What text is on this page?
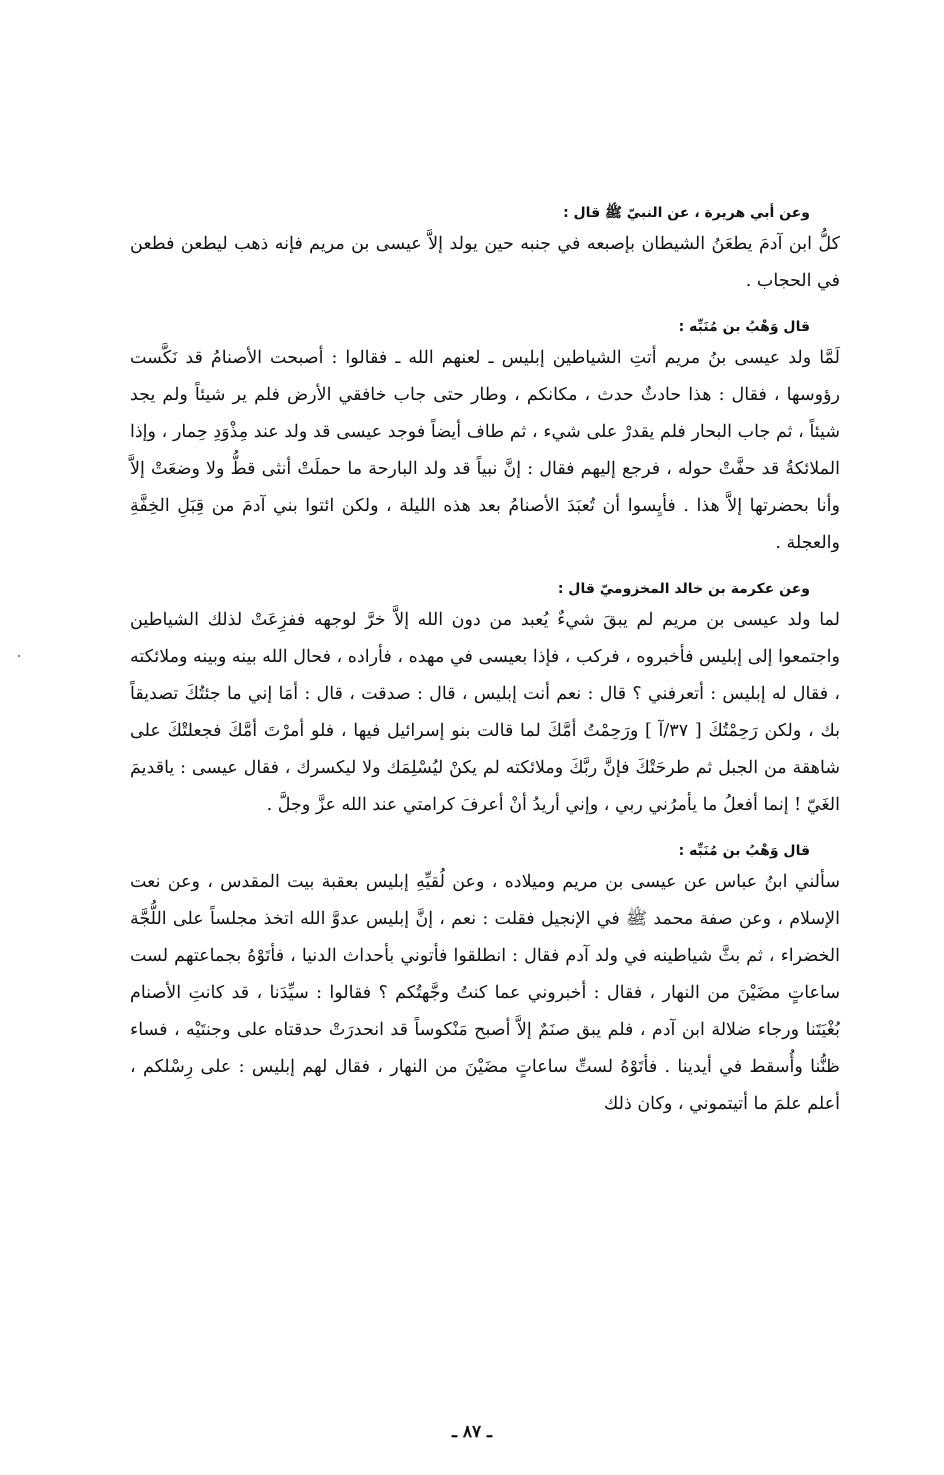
وعن أبي هريرة ، عن النبيّ ﷺ قال :

كلُّ ابن آدمَ يطعَنُ الشيطان بإصبعه في جنبه حين يولد إلاَّ عيسى بن مريم فإنه ذهب ليطعن فطعن في الحجاب .

قال وَهْبُ بن مُنَبِّه :

لَمَّا ولد عيسى بنُ مريم أتتِ الشياطين إبليس ـ لعنهم الله ـ فقالوا : أصبحت الأصنامُ قد نَكَّست رؤوسها ، فقال : هذا حادثٌ حدث ، مكانكم ، وطار حتى جاب خافقي الأرض فلم ير شيئاً ولم يجد شيئاً ، ثم جاب البحار فلم يقدرْ على شيء ، ثم طاف أيضاً فوجد عيسى قد ولد عند مِذْوَدِ حِمار ، وإذا الملائكةُ قد حفَّتْ حوله ، فرجع إليهم فقال : إنَّ نبياً قد ولد البارحة ما حملَتْ أنثى قطُّ ولا وضعَتْ إلاَّ وأنا بحضرتها إلاَّ هذا . فأيِسوا أن تُعبَدَ الأصنامُ بعد هذه الليلة ، ولكن ائتوا بني آدمَ من قِبَلِ الخِفَّةِ والعجلة .

وعن عكرمة بن خالد المخزوميّ قال :

لما ولد عيسى بن مريم لم يبقَ شيءٌ يُعبد من دون الله إلاَّ خرَّ لوجهه ففزِعَتْ لذلك الشياطين واجتمعوا إلى إبليس فأخبروه ، فركب ، فإذا بعيسى في مهده ، فأراده ، فحال الله بينه وبينه وملائكته ، فقال له إبليس : أتعرفني ؟ قال : نعم أنت إبليس ، قال : صدقت ، قال : أمَا إني ما جئتُكَ تصديقاً بك ، ولكن رَحِمْتُكَ [ ٣٧/آ ] ورَحِمْتُ أمَّكَ لما قالت بنو إسرائيل فيها ، فلو أمرْتَ أمَّكَ فجعلتْكَ على شاهقة من الجبل ثم طرحَتْكَ فإنَّ ربَّكَ وملائكته لم يكنْ ليُسْلِمَك ولا ليكسرك ، فقال عيسى : ياقديمَ الغَيّ ! إنما أفعلُ ما يأمرُني ربي ، وإني أريدُ أنْ أعرفَ كرامتي عند الله عزَّ وجلَّ .

قال وَهْبُ بن مُنَبِّه :

سألني ابنُ عباس عن عيسى بن مريم وميلاده ، وعن لُقيِّهِ إبليس بعقبة بيت المقدس ، وعن نعت الإسلام ، وعن صفة محمد ﷺ في الإنجيل فقلت : نعم ، إنَّ إبليس عدوَّ الله اتخذ مجلساً على اللُّجَّة الخضراء ، ثم بثَّ شياطينه في ولد آدم فقال : انطلقوا فأتوني بأحداث الدنيا ، فأتَوْهُ بجماعتهم لست ساعاتٍ مضَيْنَ من النهار ، فقال : أخبروني عما كنتُ وجَّهتُكم ؟ فقالوا : سيِّدَنا ، قد كانتِ الأصنام بُغْيَتَنا ورجاء ضلالة ابن آدم ، فلم يبق صنَمٌ إلاَّ أصبح مَنْكوساً قد انحدرَتْ حدقتاه على وجنتَيْه ، فساء ظنُّنا وأُسقط في أيدينا . فأتَوْهُ لستِّ ساعاتٍ مضَيْنَ من النهار ، فقال لهم إبليس : على رِسْلكم ، أعلم علمَ ما أتيتموني ، وكان ذلك

ـ ٨٧ ـ
